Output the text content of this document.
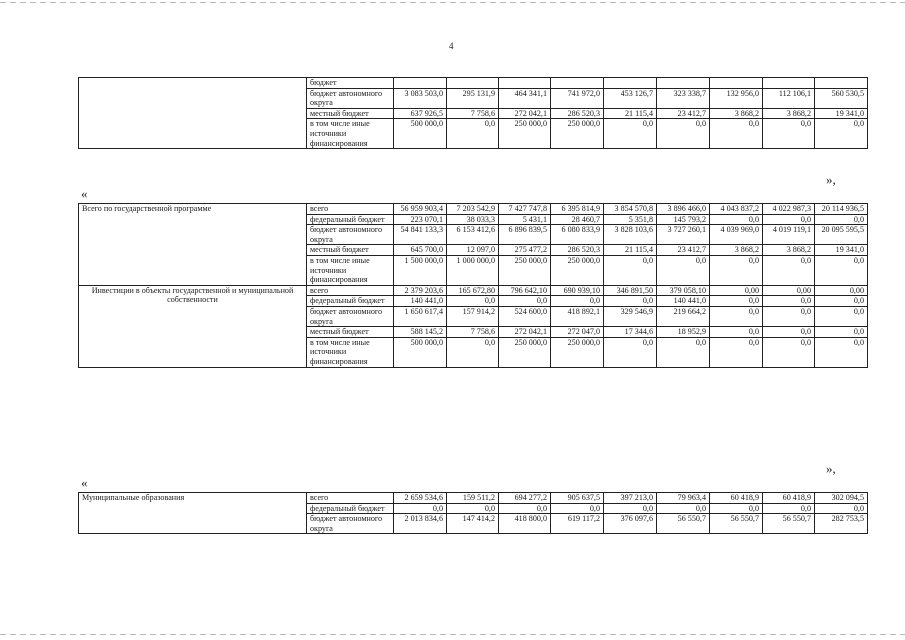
4
	бюджет									
	бюджет автономного округа	3 083 503,0	295 131,9	464 341,1	741 972,0	453 126,7	323 338,7	132 956,0	112 106,1	560 530,5
	местный бюджет	637 926,5	7 758,6	272 042,1	286 520,3	21 115,4	23 412,7	3 868,2	3 868,2	19 341,0
	в том числе иные источники финансирования	500 000,0	0,0	250 000,0	250 000,0	0,0	0,0	0,0	0,0	0,0
»,
«
Всего по государственной программе	всего	56 959 903,4	7 203 542,9	7 427 747,8	6 395 814,9	3 854 570,8	3 896 466,0	4 043 837,2	4 022 987,3	20 114 936,5
	федеральный бюджет	223 070,1	38 033,3	5 431,1	28 460,7	5 351,8	145 793,2	0,0	0,0	0,0
	бюджет автономного округа	54 841 133,3	6 153 412,6	6 896 839,5	6 080 833,9	3 828 103,6	3 727 260,1	4 039 969,0	4 019 119,1	20 095 595,5
	местный бюджет	645 700,0	12 097,0	275 477,2	286 520,3	21 115,4	23 412,7	3 868,2	3 868,2	19 341,0
	в том числе иные источники финансирования	1 500 000,0	1 000 000,0	250 000,0	250 000,0	0,0	0,0	0,0	0,0	0,0
Инвестиции в объекты государственной и муниципальной собственности	всего	2 379 203,6	165 672,80	796 642,10	690 939,10	346 891,50	379 058,10	0,00	0,00	0,00
	федеральный бюджет	140 441,0	0,0	0,0	0,0	0,0	140 441,0	0,0	0,0	0,0
	бюджет автономного округа	1 650 617,4	157 914,2	524 600,0	418 892,1	329 546,9	219 664,2	0,0	0,0	0,0
	местный бюджет	588 145,2	7 758,6	272 042,1	272 047,0	17 344,6	18 952,9	0,0	0,0	0,0
	в том числе иные источники финансирования	500 000,0	0,0	250 000,0	250 000,0	0,0	0,0	0,0	0,0	0,0
»,
«
Муниципальные образования	всего	2 659 534,6	159 511,2	694 277,2	905 637,5	397 213,0	79 963,4	60 418,9	60 418,9	302 094,5
	федеральный бюджет	0,0	0,0	0,0	0,0	0,0	0,0	0,0	0,0	0,0
	бюджет автономного округа	2 013 834,6	147 414,2	418 800,0	619 117,2	376 097,6	56 550,7	56 550,7	56 550,7	282 753,5
